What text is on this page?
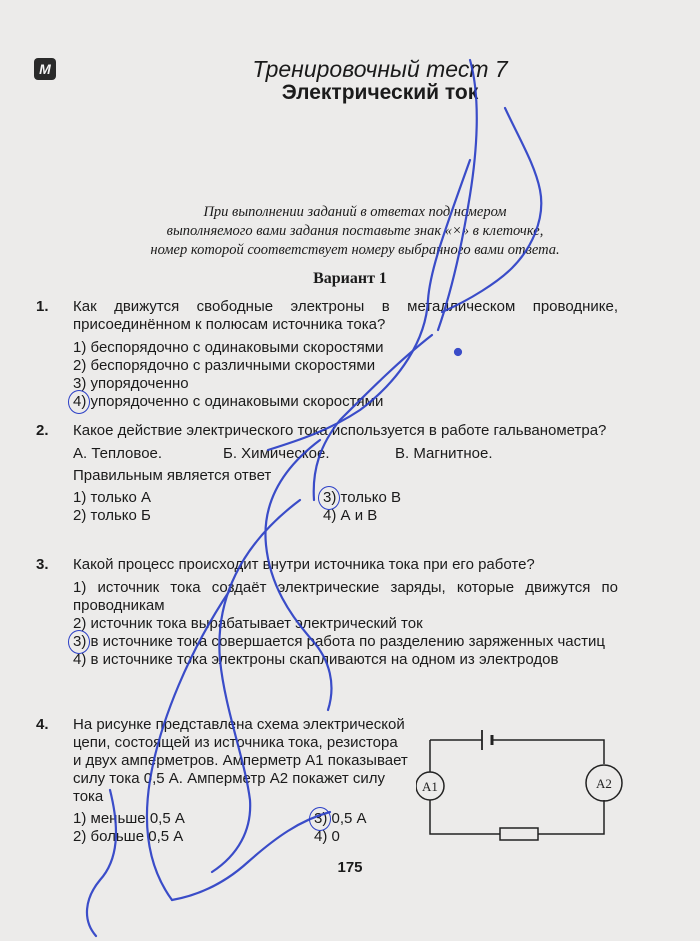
М	Тренировочный тест 7
Электрический ток
При выполнении заданий в ответах под номером
выполняемого вами задания поставьте знак «×» в клеточке,
номер которой соответствует номеру выбранного вами ответа.
Вариант 1
1. Как движутся свободные электроны в металлическом проводнике, присоединённом к полюсам источника тока?

1) беспорядочно с одинаковыми скоростями

2) беспорядочно с различными скоростями

3) упорядоченно

4) упорядоченно с одинаковыми скоростями

2. Какое действие электрического тока используется в работе гальванометра?

А. Тепловое.	Б. Химическое.	В. Магнитное.

Правильным является ответ

1) только А	3) только В

2) только Б	4) А и В

3. Какой процесс происходит внутри источника тока при его работе?

1) источник тока создаёт электрические заряды, которые движутся по проводникам

2) источник тока вырабатывает электрический ток

3) в источнике тока совершается работа по разделению заряженных частиц

4) в источнике тока электроны скапливаются на одном из электродов

4. На рисунке представлена схема электрической цепи, состоящей из источника тока, резистора и двух амперметров. Амперметр А1 показывает силу тока 0,5 А. Амперметр А2 покажет силу тока

1) меньше 0,5 А	3) 0,5 А

2) больше 0,5 А	4) 0

A1	A2
175
